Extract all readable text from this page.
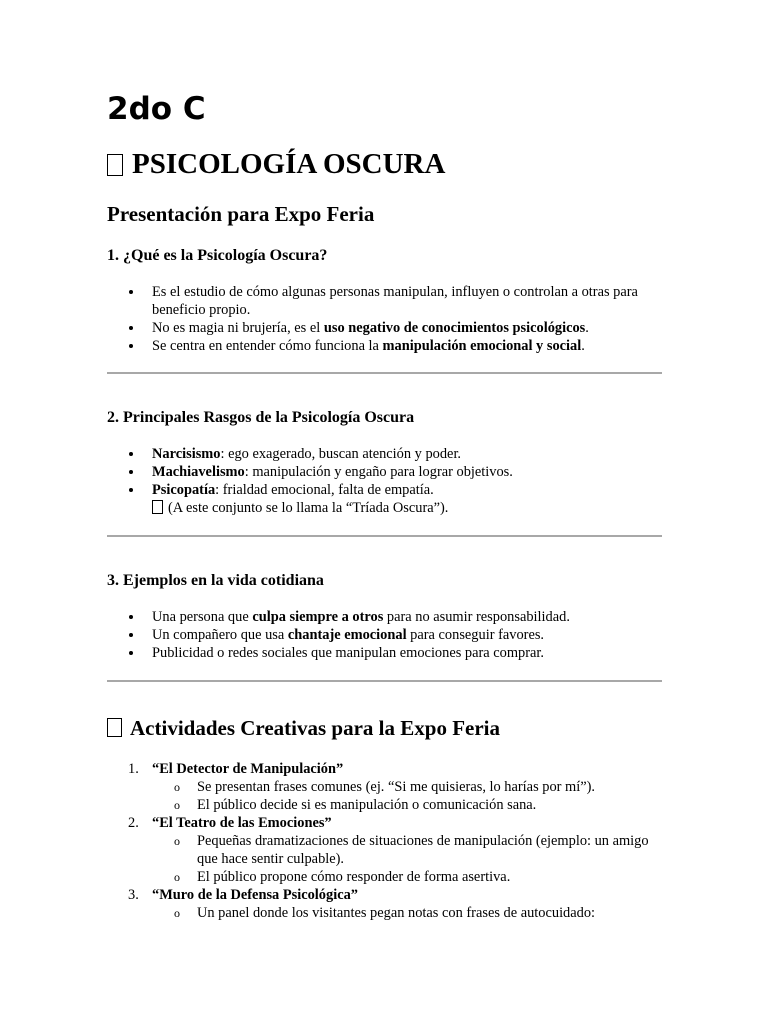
2do C
PSICOLOGÍA OSCURA
Presentación para Expo Feria
1. ¿Qué es la Psicología Oscura?
Es el estudio de cómo algunas personas manipulan, influyen o controlan a otras para beneficio propio.
No es magia ni brujería, es el uso negativo de conocimientos psicológicos.
Se centra en entender cómo funciona la manipulación emocional y social.
2. Principales Rasgos de la Psicología Oscura
Narcisismo: ego exagerado, buscan atención y poder.
Machiavelismo: manipulación y engaño para lograr objetivos.
Psicopatía: frialdad emocional, falta de empatía.
(A este conjunto se lo llama la “Tríada Oscura”).
3. Ejemplos en la vida cotidiana
Una persona que culpa siempre a otros para no asumir responsabilidad.
Un compañero que usa chantaje emocional para conseguir favores.
Publicidad o redes sociales que manipulan emociones para comprar.
Actividades Creativas para la Expo Feria
1. “El Detector de Manipulación”
o Se presentan frases comunes (ej. “Si me quisieras, lo harías por mí”).
o El público decide si es manipulación o comunicación sana.
2. “El Teatro de las Emociones”
o Pequeñas dramatizaciones de situaciones de manipulación (ejemplo: un amigo que hace sentir culpable).
o El público propone cómo responder de forma asertiva.
3. “Muro de la Defensa Psicológica”
o Un panel donde los visitantes pegan notas con frases de autocuidado:
